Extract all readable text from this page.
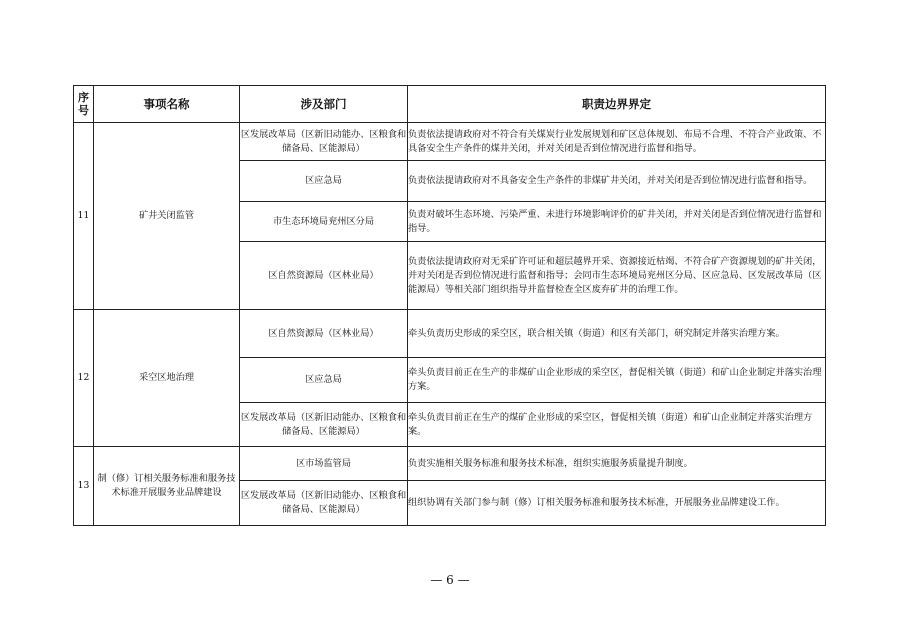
序号	事项名称	涉及部门	职责边界界定
11	矿井关闭监管	区发展改革局（区新旧动能办、区粮食和储备局、区能源局）	负责依法提请政府对不符合有关煤炭行业发展规划和矿区总体规划、布局不合理、不符合产业政策、不具备安全生产条件的煤井关闭，并对关闭是否到位情况进行监督和指导。
		区应急局	负责依法提请政府对不具备安全生产条件的非煤矿井关闭，并对关闭是否到位情况进行监督和指导。
		市生态环境局兖州区分局	负责对破坏生态环境、污染严重、未进行环境影响评价的矿井关闭，并对关闭是否到位情况进行监督和指导。
		区自然资源局（区林业局）	负责依法提请政府对无采矿许可证和超层越界开采、资源接近枯竭、不符合矿产资源规划的矿井关闭，并对关闭是否到位情况进行监督和指导；会同市生态环境局兖州区分局、区应急局、区发展改革局（区能源局）等相关部门组织指导并监督检查全区废弃矿井的治理工作。
12	采空区地治理	区自然资源局（区林业局）	牵头负责历史形成的采空区，联合相关镇（街道）和区有关部门，研究制定并落实治理方案。
		区应急局	牵头负责目前正在生产的非煤矿山企业形成的采空区，督促相关镇（街道）和矿山企业制定并落实治理方案。
		区发展改革局（区新旧动能办、区粮食和储备局、区能源局）	牵头负责目前正在生产的煤矿企业形成的采空区，督促相关镇（街道）和矿山企业制定并落实治理方案。
13	制（修）订相关服务标准和服务技术标准开展服务业品牌建设	区市场监管局	负责实施相关服务标准和服务技术标准，组织实施服务质量提升制度。
		区发展改革局（区新旧动能办、区粮食和储备局、区能源局）	组织协调有关部门参与制（修）订相关服务标准和服务技术标准，开展服务业品牌建设工作。
— 6 —
